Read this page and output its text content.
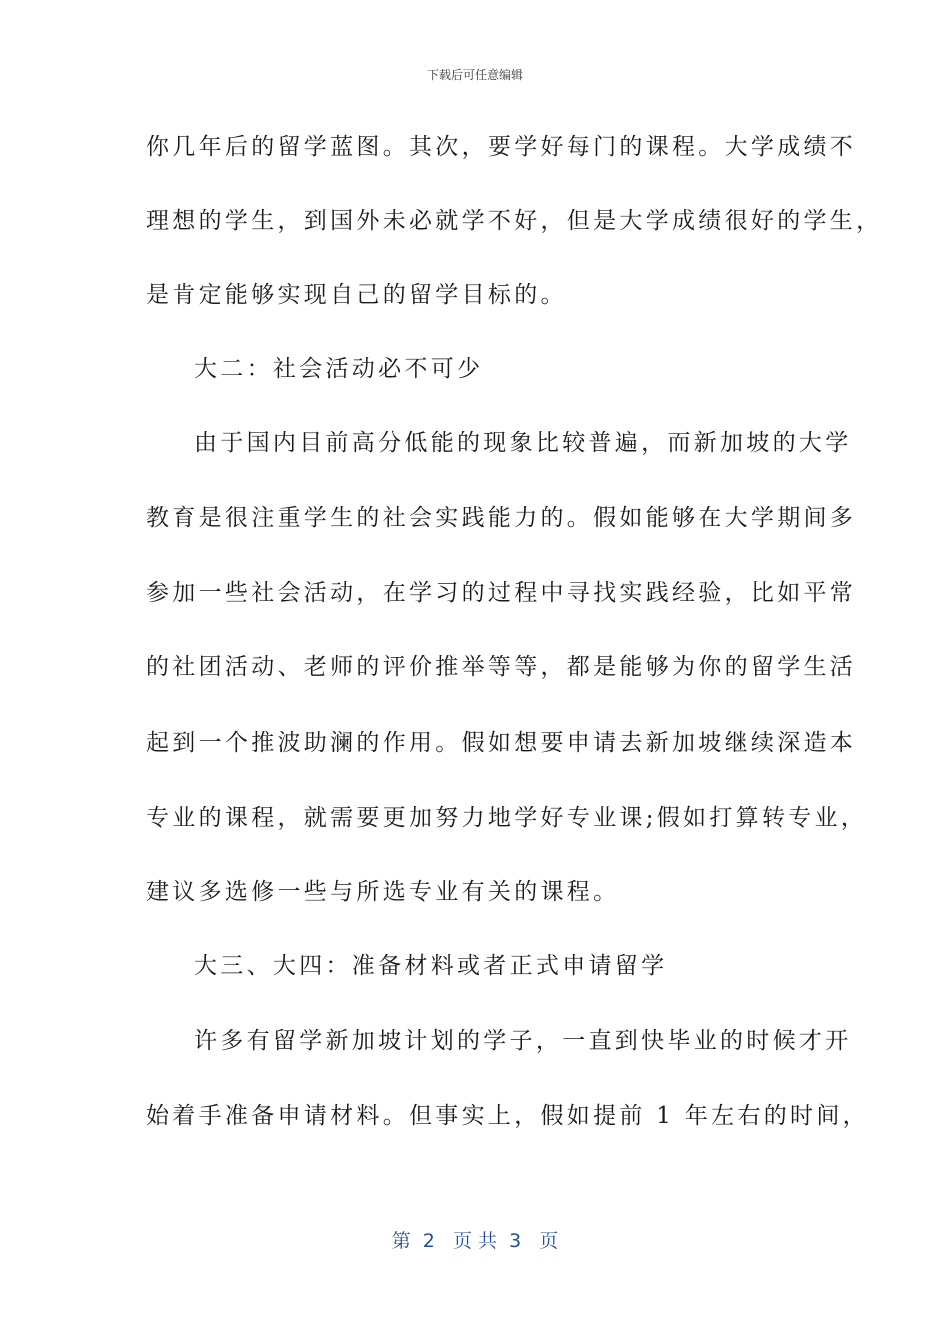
下载后可任意编辑
你几年后的留学蓝图。其次，要学好每门的课程。大学成绩不
理想的学生，到国外未必就学不好，但是大学成绩很好的学生，
是肯定能够实现自己的留学目标的。
大二：社会活动必不可少
由于国内目前高分低能的现象比较普遍，而新加坡的大学
教育是很注重学生的社会实践能力的。假如能够在大学期间多
参加一些社会活动，在学习的过程中寻找实践经验，比如平常
的社团活动、老师的评价推举等等，都是能够为你的留学生活
起到一个推波助澜的作用。假如想要申请去新加坡继续深造本
专业的课程，就需要更加努力地学好专业课;假如打算转专业，
建议多选修一些与所选专业有关的课程。
大三、大四：准备材料或者正式申请留学
许多有留学新加坡计划的学子，一直到快毕业的时候才开
始着手准备申请材料。但事实上，假如提前 1 年左右的时间，
第  2   页 共  3   页
